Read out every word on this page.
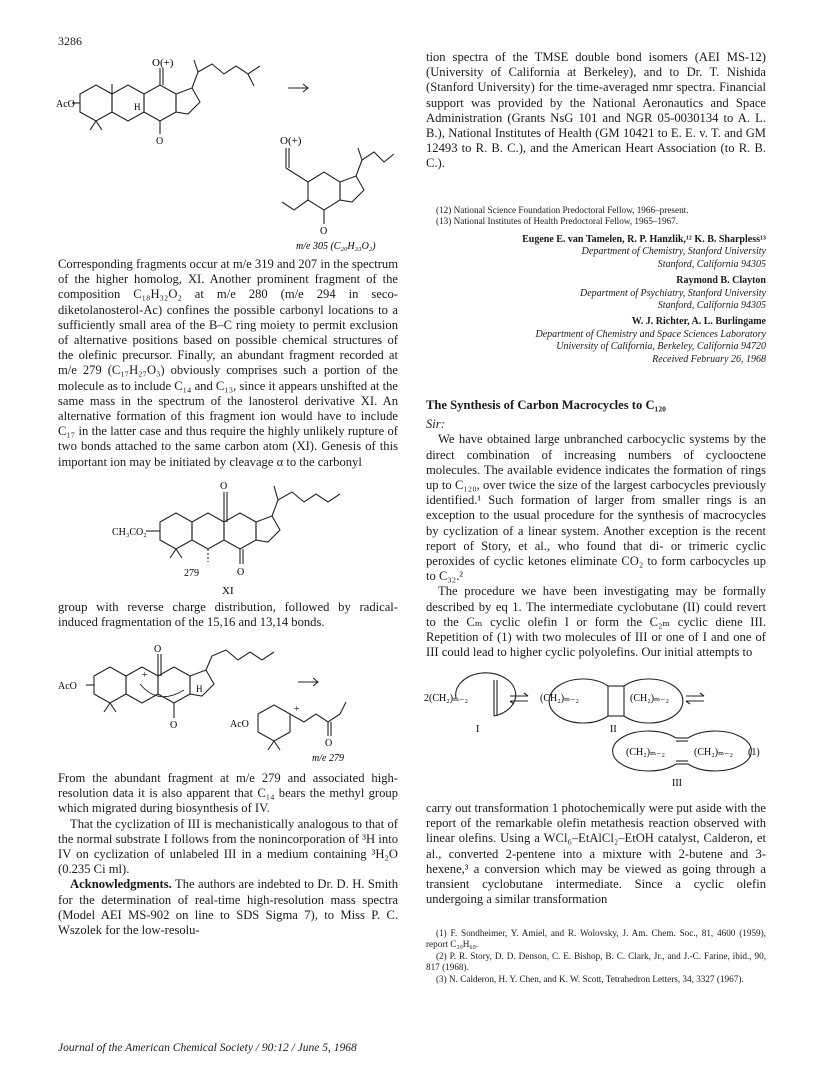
3286
O(+)
H
AcO
O	O(+)
O
m/e 305 (C₂₀H₃₃O₂)

Corresponding fragments occur at m/e 319 and 207 in the spectrum of the higher homolog, XI. Another prominent fragment of the composition C₁₈H₃₂O₂ at m/e 280 (m/e 294 in seco-diketolanosterol-Ac) confines the possible carbonyl locations to a sufficiently small area of the B–C ring moiety to permit exclusion of alternative positions based on possible chemical structures of the olefinic precursor. Finally, an abundant fragment recorded at m/e 279 (C₁₇H₂₇O₃) obviously comprises such a portion of the molecule as to include C₁₄ and C₁₃, since it appears unshifted at the same mass in the spectrum of the lanosterol derivative XI. An alternative formation of this fragment ion would have to include C₁₇ in the latter case and thus require the highly unlikely rupture of two bonds attached to the same carbon atom (XI). Genesis of this important ion may be initiated by cleavage α to the carbonyl

O
O
CH₃CO₂
279
XI

group with reverse charge distribution, followed by radical-induced fragmentation of the 15,16 and 13,14 bonds.

O
+
H
AcO
O
+
AcO
O
m/e 279

From the abundant fragment at m/e 279 and associated high-resolution data it is also apparent that C₁₄ bears the methyl group which migrated during biosynthesis of IV.

That the cyclization of III is mechanistically analogous to that of the normal substrate I follows from the nonincorporation of ³H into IV on cyclization of unlabeled III in a medium containing ³H₂O (0.235 Ci ml).

Acknowledgments. The authors are indebted to Dr. D. H. Smith for the determination of real-time high-resolution mass spectra (Model AEI MS-902 on line to SDS Sigma 7), to Miss P. C. Wszolek for the low-resolu-

tion spectra of the TMSE double bond isomers (AEI MS-12) (University of California at Berkeley), and to Dr. T. Nishida (Stanford University) for the time-averaged nmr spectra. Financial support was provided by the National Aeronautics and Space Administration (Grants NsG 101 and NGR 05-0030134 to A. L. B.), National Institutes of Health (GM 10421 to E. E. v. T. and GM 12493 to R. B. C.), and the American Heart Association (to R. B. C.).

(12) National Science Foundation Predoctoral Fellow, 1966–present.
(13) National Institutes of Health Predoctoral Fellow, 1965–1967.
Eugene E. van Tamelen, R. P. Hanzlik,¹² K. B. Sharpless¹³
Department of Chemistry, Stanford University
Stanford, California 94305
Raymond B. Clayton
Department of Psychiatry, Stanford University
Stanford, California 94305
W. J. Richter, A. L. Burlingame
Department of Chemistry and Space Sciences Laboratory
University of California, Berkeley, California 94720
Received February 26, 1968
The Synthesis of Carbon Macrocycles to C₁₂₀
Sir:

We have obtained large unbranched carbocyclic systems by the direct combination of increasing numbers of cyclooctene molecules. The available evidence indicates the formation of rings up to C₁₂₀, over twice the size of the largest carbocycles previously identified.¹ Such formation of larger from smaller rings is an exception to the usual procedure for the synthesis of macrocycles by cyclization of a linear system. Another exception is the recent report of Story, et al., who found that di- or trimeric cyclic peroxides of cyclic ketones eliminate CO₂ to form carbocycles up to C₃₂.²

The procedure we have been investigating may be formally described by eq 1. The intermediate cyclobutane (II) could revert to the Cₘ cyclic olefin I or form the C₂ₘ cyclic diene III. Repetition of (1) with two molecules of III or one of I and one of III could lead to higher cyclic polyolefins. Our initial attempts to

2(CH₂)ₘ₋₂
I
(CH₂)ₘ₋₂	(CH₂)ₘ₋₂
II
(CH₂)ₘ₋₂	(CH₂)ₘ₋₂ (1)
III

carry out transformation 1 photochemically were put aside with the report of the remarkable olefin metathesis reaction observed with linear olefins. Using a WCl₆–EtAlCl₂–EtOH catalyst, Calderon, et al., converted 2-pentene into a mixture with 2-butene and 3-hexene,³ a conversion which may be viewed as going through a transient cyclobutane intermediate. Since a cyclic olefin undergoing a similar transformation

(1) F. Sondheimer, Y. Amiel, and R. Wolovsky, J. Am. Chem. Soc., 81, 4600 (1959), report C₃₀H₆₀.
(2) P. R. Story, D. D. Denson, C. E. Bishop, B. C. Clark, Jr., and J.-C. Farine, ibid., 90, 817 (1968).
(3) N. Calderon, H. Y. Chen, and K. W. Scott, Tetrahedron Letters, 34, 3327 (1967).
Journal of the American Chemical Society / 90:12 / June 5, 1968
